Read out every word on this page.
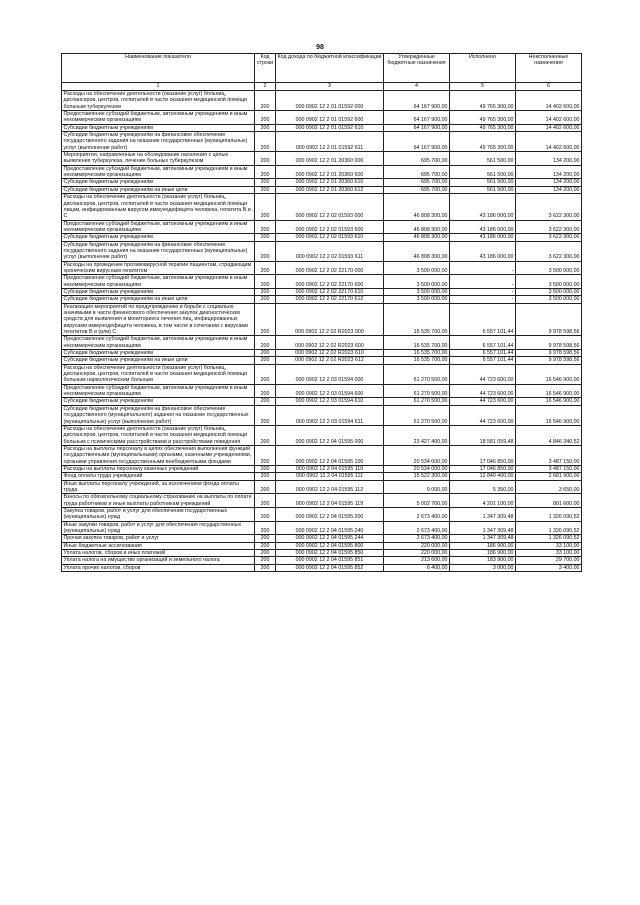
98
Наименование показателя	Код строки	Код дохода по бюджетной классификации	Утвержденные бюджетные назначения	Исполнено	Неисполненные назначения
1	2	3	4	5	6
Расходы на обеспечение деятельности (оказание услуг) больниц, диспансеров, центров, госпиталей в части оказания медицинской помощи больным туберкулезом	200	000 0902 12 2 01 01592 000	64 167 900,00	49 765 300,00	14 402 600,00
Предоставление субсидий бюджетным, автономным учреждениям и иным некоммерческим организациям	200	000 0902 12 2 01 01592 600	64 167 900,00	49 765 300,00	14 402 600,00
Субсидии бюджетным учреждениям	200	000 0902 12 2 01 01592 610	64 167 900,00	49 765 300,00	14 402 600,00
Субсидии бюджетным учреждениям на финансовое обеспечение государственного задания на оказание государственных (муниципальных) услуг (выполнение работ)	200	000 0902 12 2 01 01592 611	64 167 900,00	49 765 300,00	14 402 600,00
Мероприятия, направленные на обследование населения с целью выявления туберкулеза, лечение больных туберкулезом	200	000 0902 12 2 01 20360 000	695 700,00	561 500,00	134 200,00
Предоставление субсидий бюджетным, автономным учреждениям и иным некоммерческим организациям	200	000 0902 12 2 01 20360 600	695 700,00	561 500,00	134 200,00
Субсидии бюджетным учреждениям	200	000 0902 12 2 01 20360 610	695 700,00	561 500,00	134 200,00
Субсидии бюджетным учреждениям на иные цели	200	000 0902 12 2 01 20360 612	695 700,00	561 500,00	134 200,00
Расходы на обеспечение деятельности (оказание услуг) больниц, диспансеров, центров, госпиталей в части оказания медицинской помощи лицам, инфицированным вирусом иммунодефицита человека, гепатита В и С	200	000 0902 12 2 02 01593 000	46 808 300,00	43 186 000,00	3 622 300,00
Предоставление субсидий бюджетным, автономным учреждениям и иным некоммерческим организациям	200	000 0902 12 2 02 01593 600	46 808 300,00	43 186 000,00	3 622 300,00
Субсидии бюджетным учреждениям	200	000 0902 12 2 02 01593 610	46 808 300,00	43 186 000,00	3 622 300,00
Субсидии бюджетным учреждениям на финансовое обеспечение государственного задания на оказание государственных (муниципальных) услуг (выполнение работ)	200	000 0902 12 2 02 01593 611	46 808 300,00	43 186 000,00	3 622 300,00
Расходы на проведение противовирусной терапии пациентам, страдающим хроническим вирусным гепатитом	200	000 0902 12 2 02 22170 000	3 500 000,00	-	3 500 000,00
Предоставление субсидий бюджетным, автономным учреждениям и иным некоммерческим организациям	200	000 0902 12 2 02 22170 600	3 500 000,00	-	3 500 000,00
Субсидии бюджетным учреждениям	200	000 0902 12 2 02 22170 610	3 500 000,00	-	3 500 000,00
Субсидии бюджетным учреждениям на иные цели	200	000 0902 12 2 02 22170 612	3 500 000,00	-	3 500 000,00
Реализация мероприятий по предупреждению и борьбе с социально значимыми в части финансового обеспечения закупок диагностических средств для выявления и мониторинга лечения лиц, инфицированных вирусами иммунодефицита человека, в том числе в сочетании с вирусами гепатитов В и (или) С	200	000 0902 12 2 02 R2023 000	16 535 700,00	6 557 101,44	9 978 598,56
Предоставление субсидий бюджетным, автономным учреждениям и иным некоммерческим организациям	200	000 0902 12 2 02 R2023 600	16 535 700,00	6 557 101,44	9 978 598,56
Субсидии бюджетным учреждениям	200	000 0902 12 2 02 R2023 610	16 535 700,00	6 557 101,44	9 978 598,56
Субсидии бюджетным учреждениям на иные цели	200	000 0902 12 2 02 R2023 612	16 535 700,00	6 557 101,44	9 978 598,56
Расходы на обеспечение деятельности (оказание услуг) больниц, диспансеров, центров, госпиталей в части оказания медицинской помощи больным наркологическим больным	200	000 0902 12 2 03 01594 000	61 270 500,00	44 723 600,00	16 546 900,00
Предоставление субсидий бюджетным, автономным учреждениям и иным некоммерческим организациям	200	000 0902 12 2 03 01594 600	61 270 500,00	44 723 600,00	16 546 900,00
Субсидии бюджетным учреждениям	200	000 0902 12 2 03 01594 610	61 270 500,00	44 723 600,00	16 546 900,00
Субсидии бюджетным учреждениям на финансовое обеспечение государственного (муниципального) задания на оказание государственных (муниципальных) услуг (выполнение работ)	200	000 0902 12 2 03 01594 611	61 270 500,00	44 723 600,00	16 546 900,00
Расходы на обеспечение деятельности (оказание услуг) больниц, диспансеров, центров, госпиталей в части оказания медицинской помощи больным с психическими расстройствами и расстройствами поведения	200	000 0902 12 2 04 01595 000	23 427 400,00	18 581 059,48	4 846 340,52
Расходы на выплаты персоналу в целях обеспечения выполнения функций государственными (муниципальными) органами, казенными учреждениями, органами управления государственными внебюджетными фондами	200	000 0902 12 2 04 01595 100	20 534 000,00	17 046 850,00	3 487 150,00
Расходы на выплаты персоналу казенных учреждений	200	000 0902 12 2 04 01595 110	20 534 000,00	17 046 850,00	3 487 150,00
Фонд оплаты труда учреждений	200	000 0902 12 2 04 01595 111	15 522 300,00	12 840 400,00	2 681 900,00
Иные выплаты персоналу учреждений, за исключением фонда оплаты труда	200	000 0902 12 2 04 01595 112	9 000,00	5 350,00	3 650,00
Взносы по обязательному социальному страхованию на выплаты по оплате труда работников и иные выплаты работникам учреждений	200	000 0902 12 2 04 01595 119	5 002 700,00	4 201 100,00	801 600,00
Закупка товаров, работ и услуг для обеспечения государственных (муниципальных) нужд	200	000 0902 12 2 04 01595 200	2 673 400,00	1 347 309,48	1 326 090,52
Иные закупки товаров, работ и услуг для обеспечения государственных (муниципальных) нужд	200	000 0902 12 2 04 01595 240	2 673 400,00	1 347 309,48	1 326 090,52
Прочая закупка товаров, работ и услуг	200	000 0902 12 2 04 01595 244	2 673 400,00	1 347 309,48	1 326 090,52
Иные бюджетные ассигнования	200	000 0902 12 2 04 01595 800	220 000,00	186 900,00	33 100,00
Уплата налогов, сборов и иных платежей	200	000 0902 12 2 04 01595 850	220 000,00	186 900,00	33 100,00
Уплата налога на имущество организаций и земельного налога	200	000 0902 12 2 04 01595 851	213 600,00	183 900,00	29 700,00
Уплата прочих налогов, сборов	200	000 0902 12 2 04 01595 852	6 400,00	3 000,00	3 400,00
